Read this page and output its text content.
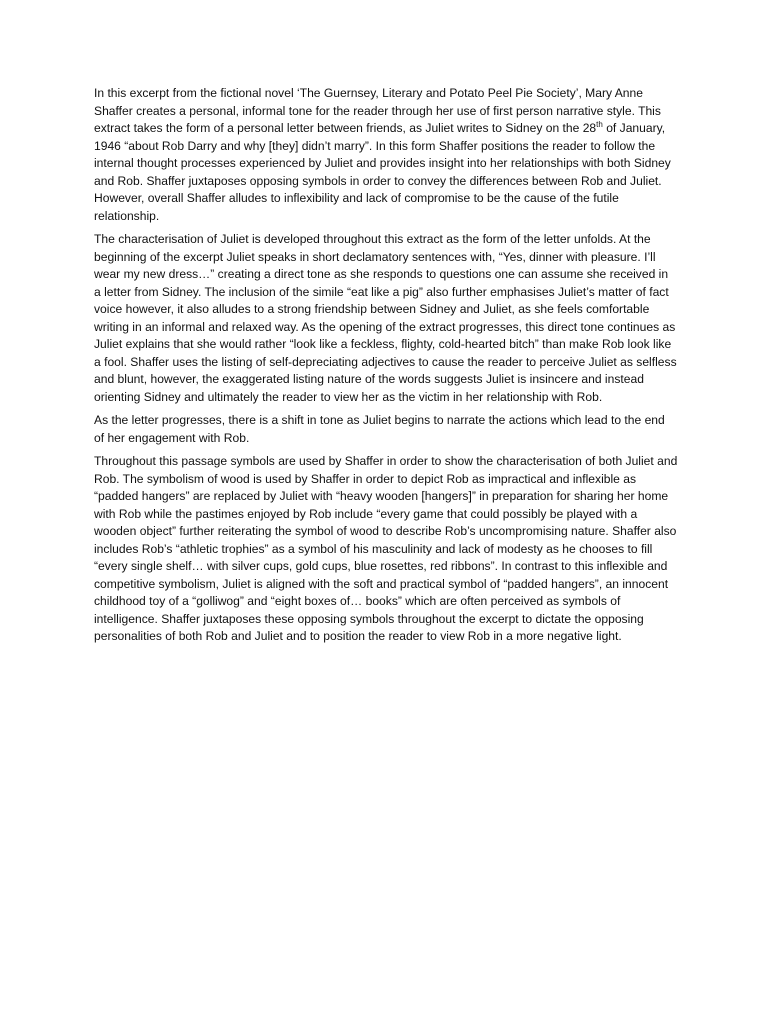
In this excerpt from the fictional novel ‘The Guernsey, Literary and Potato Peel Pie Society’, Mary Anne Shaffer creates a personal, informal tone for the reader through her use of first person narrative style. This extract takes the form of a personal letter between friends, as Juliet writes to Sidney on the 28th of January, 1946 “about Rob Darry and why [they] didn’t marry”. In this form Shaffer positions the reader to follow the internal thought processes experienced by Juliet and provides insight into her relationships with both Sidney and Rob. Shaffer juxtaposes opposing symbols in order to convey the differences between Rob and Juliet. However, overall Shaffer alludes to inflexibility and lack of compromise to be the cause of the futile relationship.

The characterisation of Juliet is developed throughout this extract as the form of the letter unfolds. At the beginning of the excerpt Juliet speaks in short declamatory sentences with, “Yes, dinner with pleasure. I’ll wear my new dress…” creating a direct tone as she responds to questions one can assume she received in a letter from Sidney. The inclusion of the simile “eat like a pig” also further emphasises Juliet’s matter of fact voice however, it also alludes to a strong friendship between Sidney and Juliet, as she feels comfortable writing in an informal and relaxed way. As the opening of the extract progresses, this direct tone continues as Juliet explains that she would rather “look like a feckless, flighty, cold-hearted bitch” than make Rob look like a fool. Shaffer uses the listing of self-depreciating adjectives to cause the reader to perceive Juliet as selfless and blunt, however, the exaggerated listing nature of the words suggests Juliet is insincere and instead orienting Sidney and ultimately the reader to view her as the victim in her relationship with Rob.

As the letter progresses, there is a shift in tone as Juliet begins to narrate the actions which lead to the end of her engagement with Rob.

Throughout this passage symbols are used by Shaffer in order to show the characterisation of both Juliet and Rob. The symbolism of wood is used by Shaffer in order to depict Rob as impractical and inflexible as “padded hangers” are replaced by Juliet with “heavy wooden [hangers]” in preparation for sharing her home with Rob while the pastimes enjoyed by Rob include “every game that could possibly be played with a wooden object” further reiterating the symbol of wood to describe Rob’s uncompromising nature. Shaffer also includes Rob’s “athletic trophies” as a symbol of his masculinity and lack of modesty as he chooses to fill “every single shelf… with silver cups, gold cups, blue rosettes, red ribbons”. In contrast to this inflexible and competitive symbolism, Juliet is aligned with the soft and practical symbol of “padded hangers”, an innocent childhood toy of a “golliwog” and “eight boxes of… books” which are often perceived as symbols of intelligence. Shaffer juxtaposes these opposing symbols throughout the excerpt to dictate the opposing personalities of both Rob and Juliet and to position the reader to view Rob in a more negative light.
